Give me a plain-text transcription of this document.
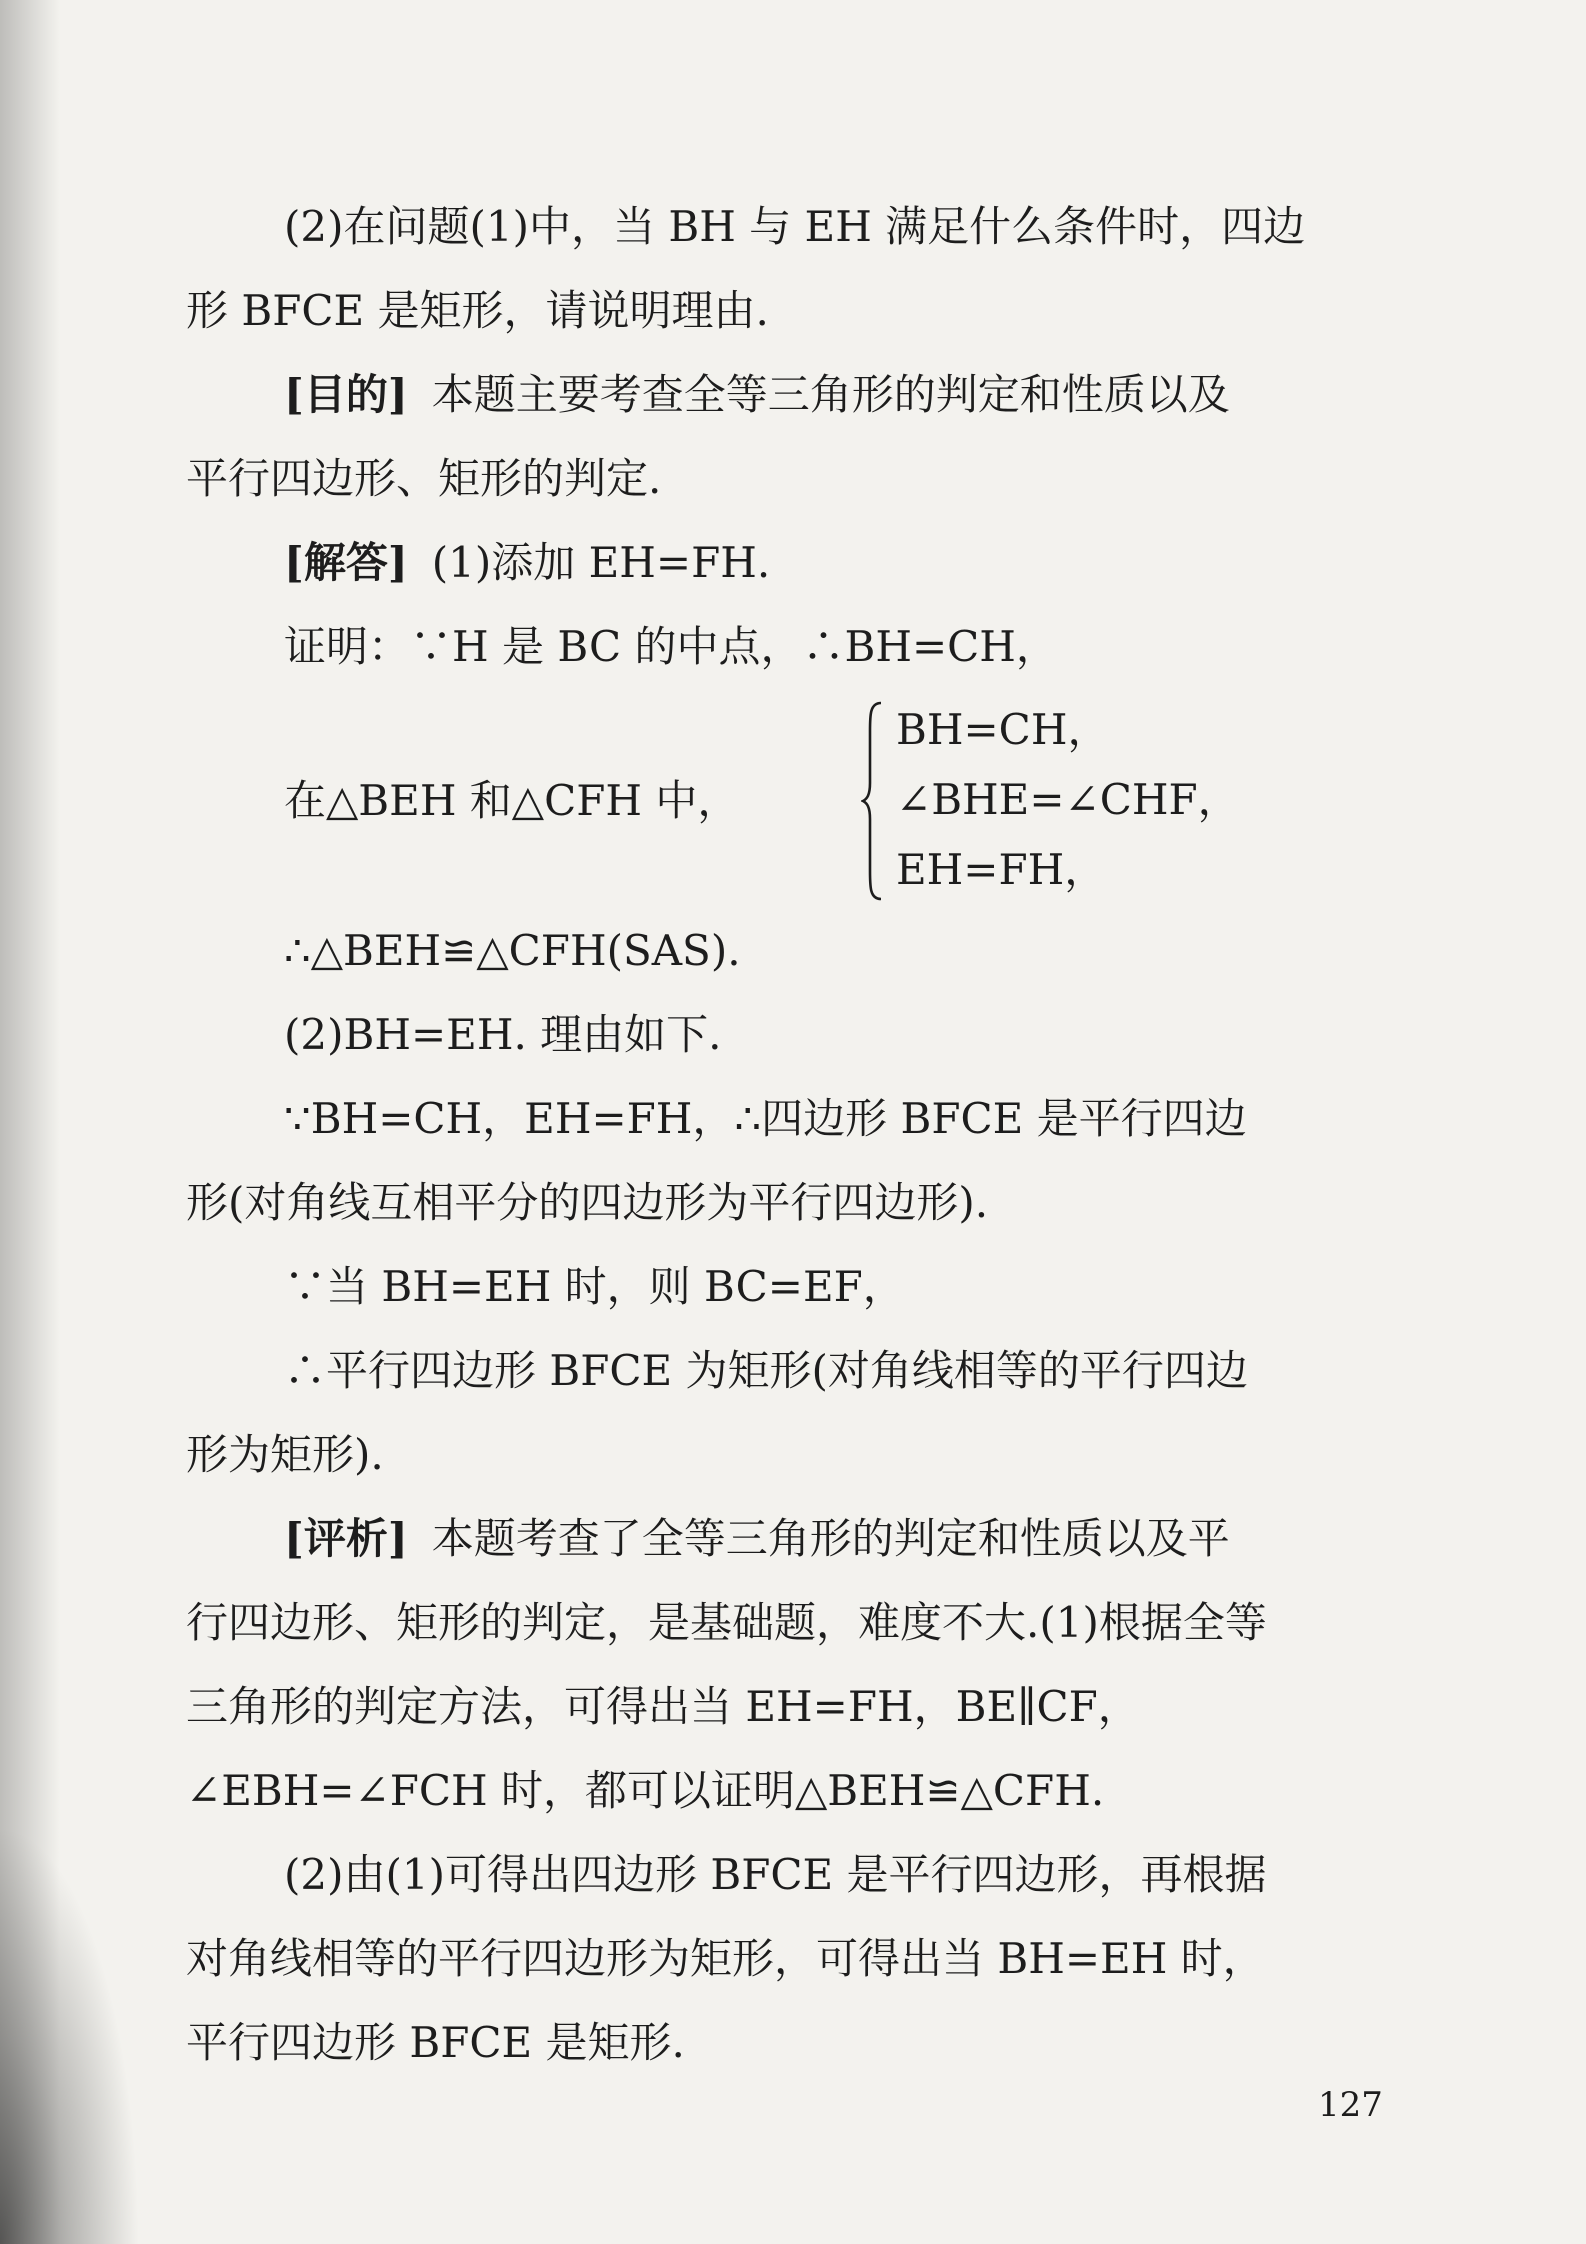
(2)在问题(1)中，当 BH 与 EH 满足什么条件时，四边
形 BFCE 是矩形，请说明理由.
[目的] 本题主要考查全等三角形的判定和性质以及
平行四边形、矩形的判定.
[解答] (1)添加 EH=FH.
证明：∵H 是 BC 的中点，∴BH=CH，
在△BEH 和△CFH 中，
BH=CH，
∠BHE=∠CHF，
EH=FH，
∴△BEH≌△CFH(SAS).
(2)BH=EH. 理由如下.
∵BH=CH，EH=FH，∴四边形 BFCE 是平行四边
形(对角线互相平分的四边形为平行四边形).
∵当 BH=EH 时，则 BC=EF，
∴平行四边形 BFCE 为矩形(对角线相等的平行四边
形为矩形).
[评析] 本题考查了全等三角形的判定和性质以及平
行四边形、矩形的判定，是基础题，难度不大.(1)根据全等
三角形的判定方法，可得出当 EH=FH，BE∥CF，
∠EBH=∠FCH 时，都可以证明△BEH≌△CFH.
(2)由(1)可得出四边形 BFCE 是平行四边形，再根据
对角线相等的平行四边形为矩形，可得出当 BH=EH 时，
平行四边形 BFCE 是矩形.
127
